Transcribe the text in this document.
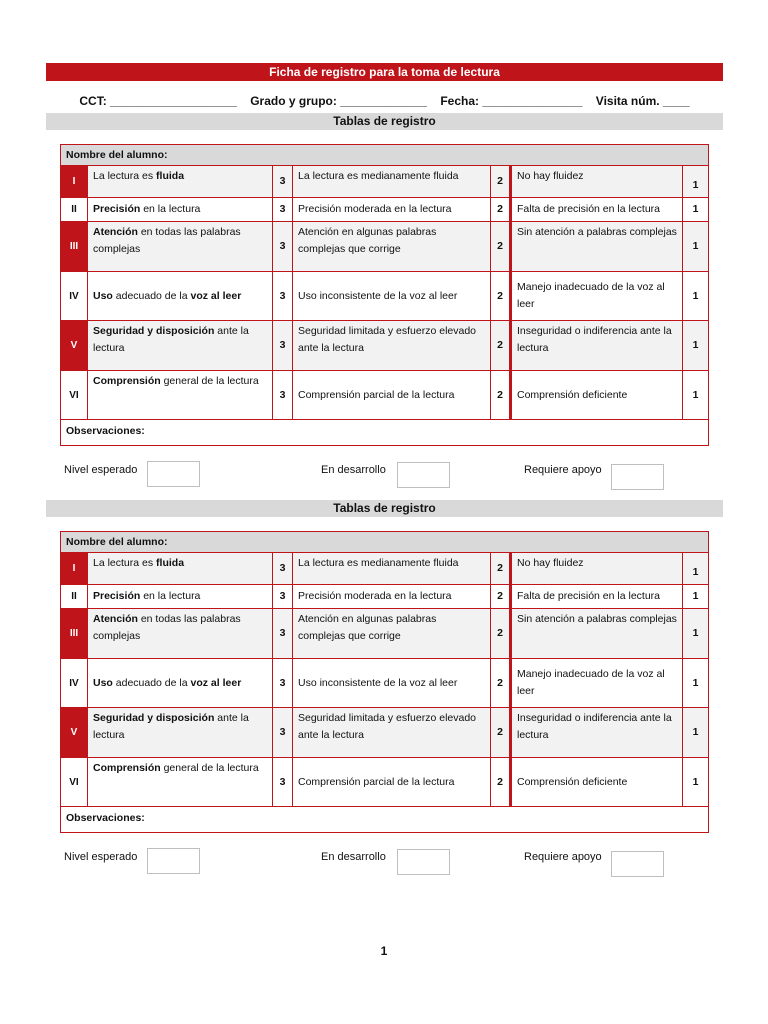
Ficha de registro para la toma de lectura
CCT: ___________________ Grado y grupo: _____________ Fecha: _______________ Visita núm. ____
Tablas de registro
Nombre del alumno:						
I	La lectura es fluida	3	La lectura es medianamente fluida	2	No hay fluidez	1
II	Precisión en la lectura	3	Precisión moderada en la lectura	2	Falta de precisión en la lectura	1
III	Atención en todas las palabras complejas	3	Atención en algunas palabras complejas que corrige	2	Sin atención a palabras complejas	1
IV	Uso adecuado de la voz al leer	3	Uso inconsistente de la voz al leer	2	Manejo inadecuado de la voz al leer	1
V	Seguridad y disposición ante la lectura	3	Seguridad limitada y esfuerzo elevado ante la lectura	2	Inseguridad o indiferencia ante la lectura	1
VI	Comprensión general de la lectura	3	Comprensión parcial de la lectura	2	Comprensión deficiente	1
Observaciones:						
Nivel esperado	En desarrollo	Requiere apoyo
Tablas de registro
Nombre del alumno:						
I	La lectura es fluida	3	La lectura es medianamente fluida	2	No hay fluidez	1
II	Precisión en la lectura	3	Precisión moderada en la lectura	2	Falta de precisión en la lectura	1
III	Atención en todas las palabras complejas	3	Atención en algunas palabras complejas que corrige	2	Sin atención a palabras complejas	1
IV	Uso adecuado de la voz al leer	3	Uso inconsistente de la voz al leer	2	Manejo inadecuado de la voz al leer	1
V	Seguridad y disposición ante la lectura	3	Seguridad limitada y esfuerzo elevado ante la lectura	2	Inseguridad o indiferencia ante la lectura	1
VI	Comprensión general de la lectura	3	Comprensión parcial de la lectura	2	Comprensión deficiente	1
Observaciones:						
Nivel esperado	En desarrollo	Requiere apoyo
1
